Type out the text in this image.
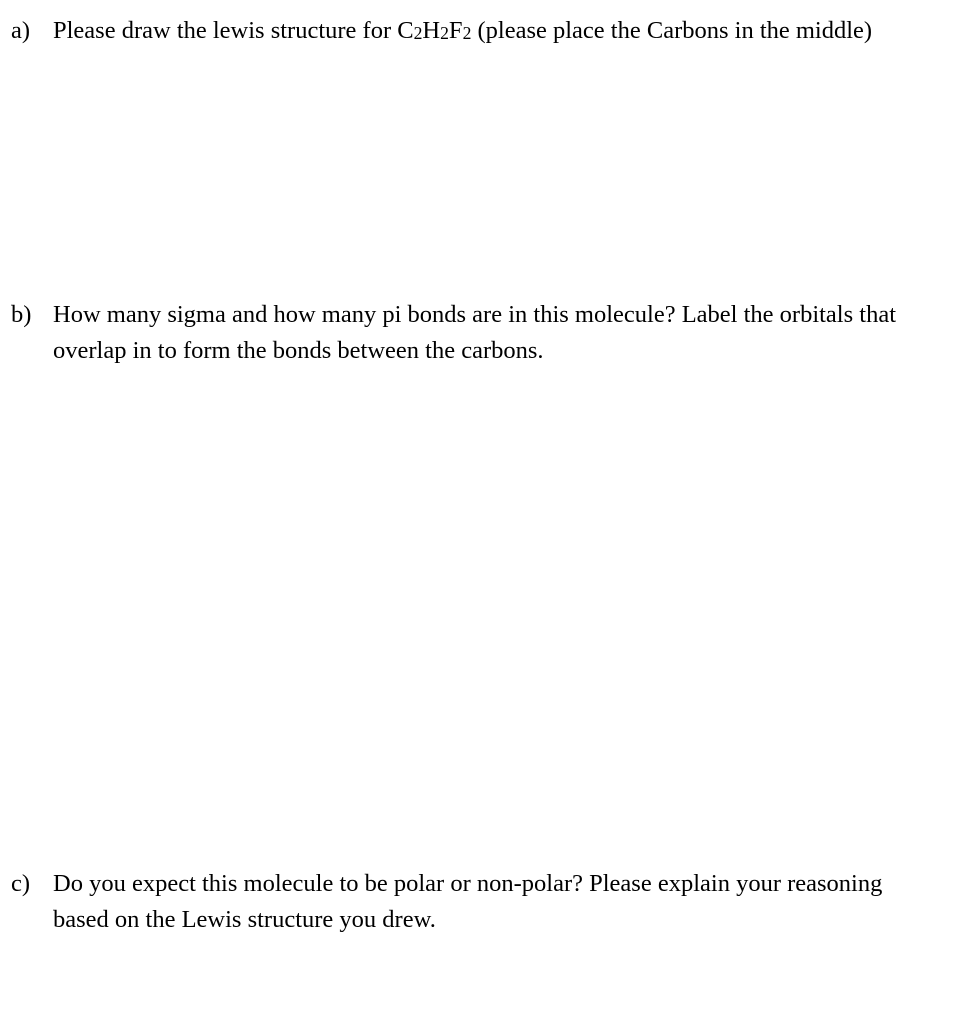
a) Please draw the lewis structure for C2H2F2 (please place the Carbons in the middle)
b) How many sigma and how many pi bonds are in this molecule? Label the orbitals that
overlap in to form the bonds between the carbons.
c) Do you expect this molecule to be polar or non-polar? Please explain your reasoning
based on the Lewis structure you drew.
